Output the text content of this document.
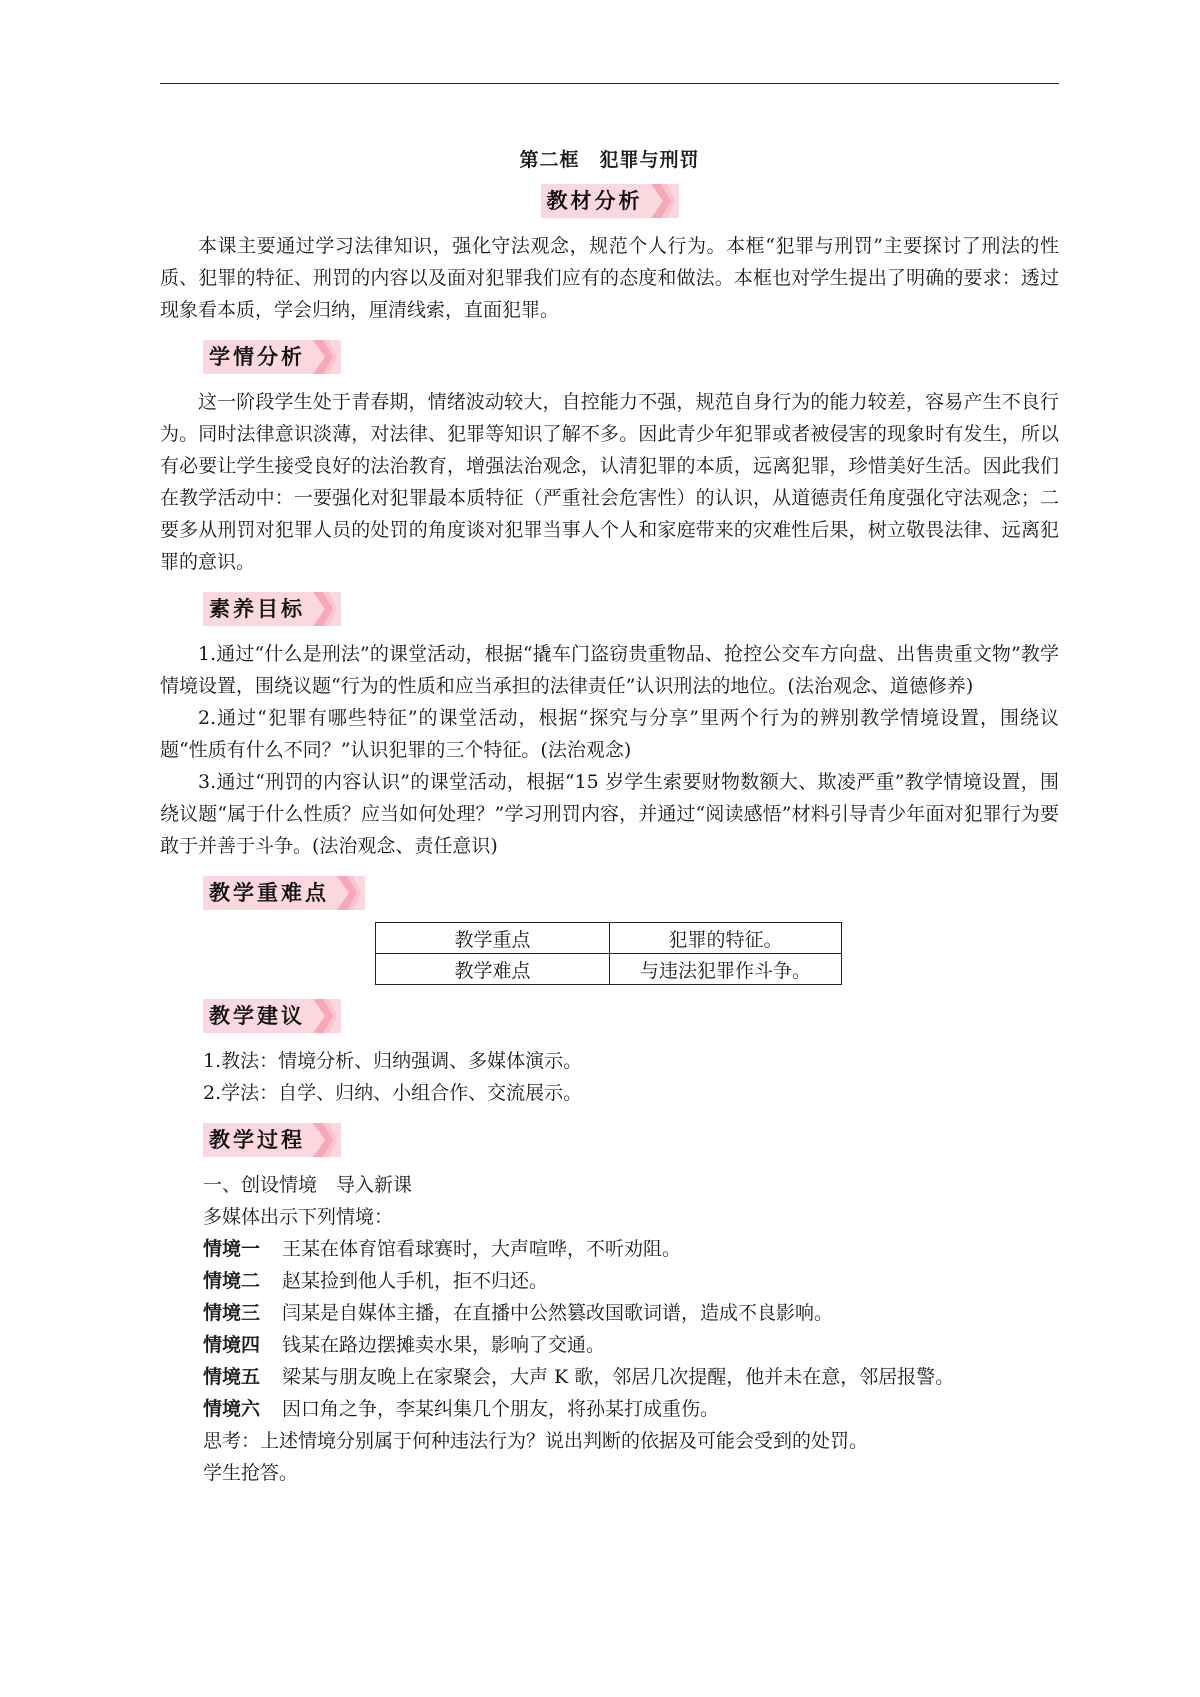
第二框　犯罪与刑罚
教材分析

本课主要通过学习法律知识，强化守法观念，规范个人行为。本框“犯罪与刑罚”主要探讨了刑法的性质、犯罪的特征、刑罚的内容以及面对犯罪我们应有的态度和做法。本框也对学生提出了明确的要求：透过现象看本质，学会归纳，厘清线索，直面犯罪。

学情分析

这一阶段学生处于青春期，情绪波动较大，自控能力不强，规范自身行为的能力较差，容易产生不良行为。同时法律意识淡薄，对法律、犯罪等知识了解不多。因此青少年犯罪或者被侵害的现象时有发生，所以有必要让学生接受良好的法治教育，增强法治观念，认清犯罪的本质，远离犯罪，珍惜美好生活。因此我们在教学活动中：一要强化对犯罪最本质特征（严重社会危害性）的认识，从道德责任角度强化守法观念；二要多从刑罚对犯罪人员的处罚的角度谈对犯罪当事人个人和家庭带来的灾难性后果，树立敬畏法律、远离犯罪的意识。

素养目标

1.通过“什么是刑法”的课堂活动，根据“撬车门盗窃贵重物品、抢控公交车方向盘、出售贵重文物”教学情境设置，围绕议题“行为的性质和应当承担的法律责任”认识刑法的地位。(法治观念、道德修养)

2.通过“犯罪有哪些特征”的课堂活动，根据“探究与分享”里两个行为的辨别教学情境设置，围绕议题“性质有什么不同？”认识犯罪的三个特征。(法治观念)

3.通过“刑罚的内容认识”的课堂活动，根据“15 岁学生索要财物数额大、欺凌严重”教学情境设置，围绕议题“属于什么性质？应当如何处理？”学习刑罚内容，并通过“阅读感悟”材料引导青少年面对犯罪行为要敢于并善于斗争。(法治观念、责任意识)

教学重难点
教学重点	犯罪的特征。
教学难点	与违法犯罪作斗争。
教学建议

1.教法：情境分析、归纳强调、多媒体演示。

2.学法：自学、归纳、小组合作、交流展示。

教学过程

一、创设情境　导入新课

多媒体出示下列情境：

情境一 王某在体育馆看球赛时，大声喧哗，不听劝阻。

情境二 赵某捡到他人手机，拒不归还。

情境三 闫某是自媒体主播，在直播中公然篡改国歌词谱，造成不良影响。

情境四 钱某在路边摆摊卖水果，影响了交通。

情境五 梁某与朋友晚上在家聚会，大声 K 歌，邻居几次提醒，他并未在意，邻居报警。

情境六 因口角之争，李某纠集几个朋友，将孙某打成重伤。

思考：上述情境分别属于何种违法行为？说出判断的依据及可能会受到的处罚。

学生抢答。
